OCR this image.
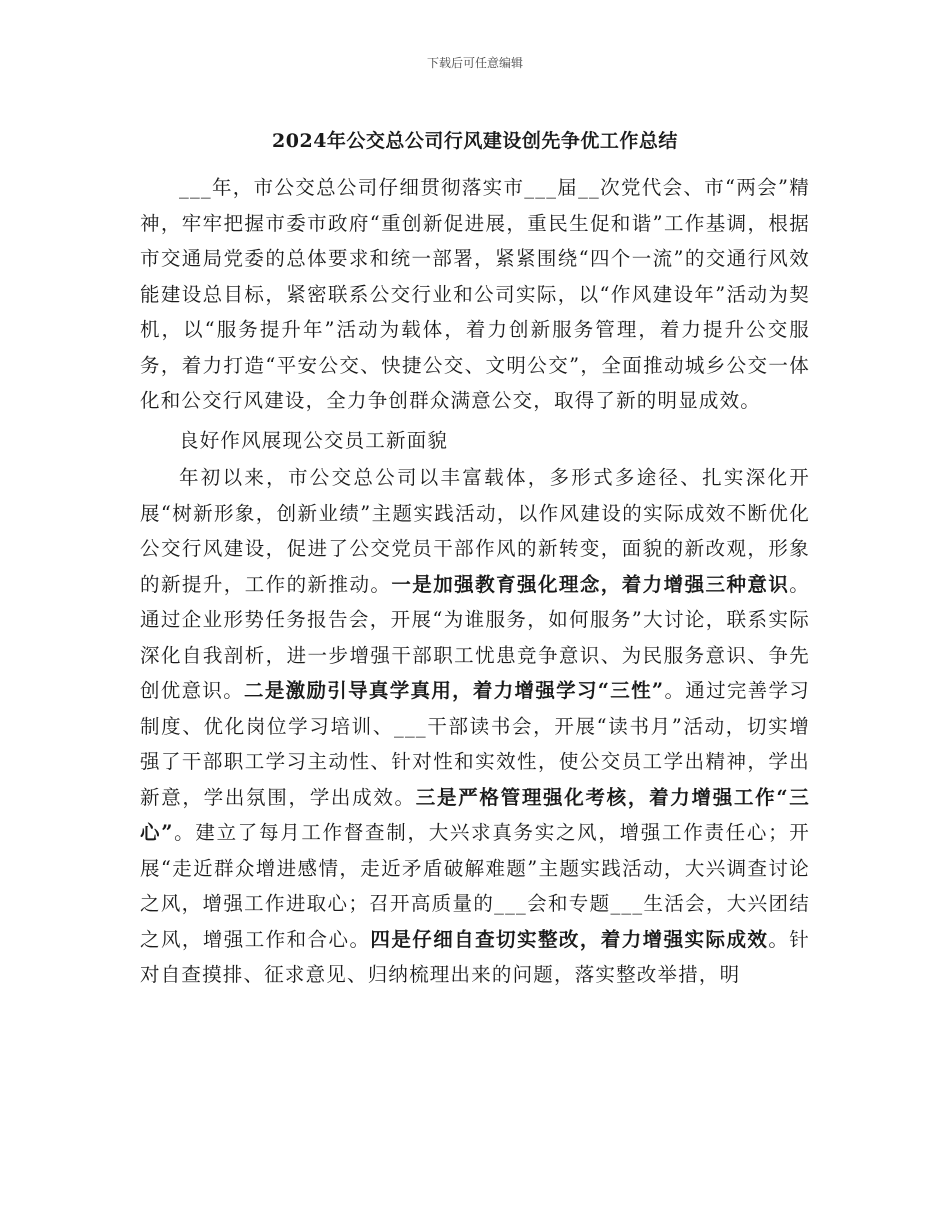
下载后可任意编辑
2024年公交总公司行风建设创先争优工作总结

___年，市公交总公司仔细贯彻落实市___届__次党代会、市“两会”精神，牢牢把握市委市政府“重创新促进展，重民生促和谐”工作基调，根据市交通局党委的总体要求和统一部署，紧紧围绕“四个一流”的交通行风效能建设总目标，紧密联系公交行业和公司实际，以“作风建设年”活动为契机，以“服务提升年”活动为载体，着力创新服务管理，着力提升公交服务，着力打造“平安公交、快捷公交、文明公交”，全面推动城乡公交一体化和公交行风建设，全力争创群众满意公交，取得了新的明显成效。

良好作风展现公交员工新面貌

年初以来，市公交总公司以丰富载体，多形式多途径、扎实深化开展“树新形象，创新业绩”主题实践活动，以作风建设的实际成效不断优化公交行风建设，促进了公交党员干部作风的新转变，面貌的新改观，形象的新提升，工作的新推动。一是加强教育强化理念，着力增强三种意识。通过企业形势任务报告会，开展“为谁服务，如何服务”大讨论，联系实际深化自我剖析，进一步增强干部职工忧患竞争意识、为民服务意识、争先创优意识。二是激励引导真学真用，着力增强学习“三性”。通过完善学习制度、优化岗位学习培训、___干部读书会，开展“读书月”活动，切实增强了干部职工学习主动性、针对性和实效性，使公交员工学出精神，学出新意，学出氛围，学出成效。三是严格管理强化考核，着力增强工作“三心”。建立了每月工作督查制，大兴求真务实之风，增强工作责任心；开展“走近群众增进感情，走近矛盾破解难题”主题实践活动，大兴调查讨论之风，增强工作进取心；召开高质量的___会和专题___生活会，大兴团结之风，增强工作和合心。四是仔细自查切实整改，着力增强实际成效。针对自查摸排、征求意见、归纳梳理出来的问题，落实整改举措，明
